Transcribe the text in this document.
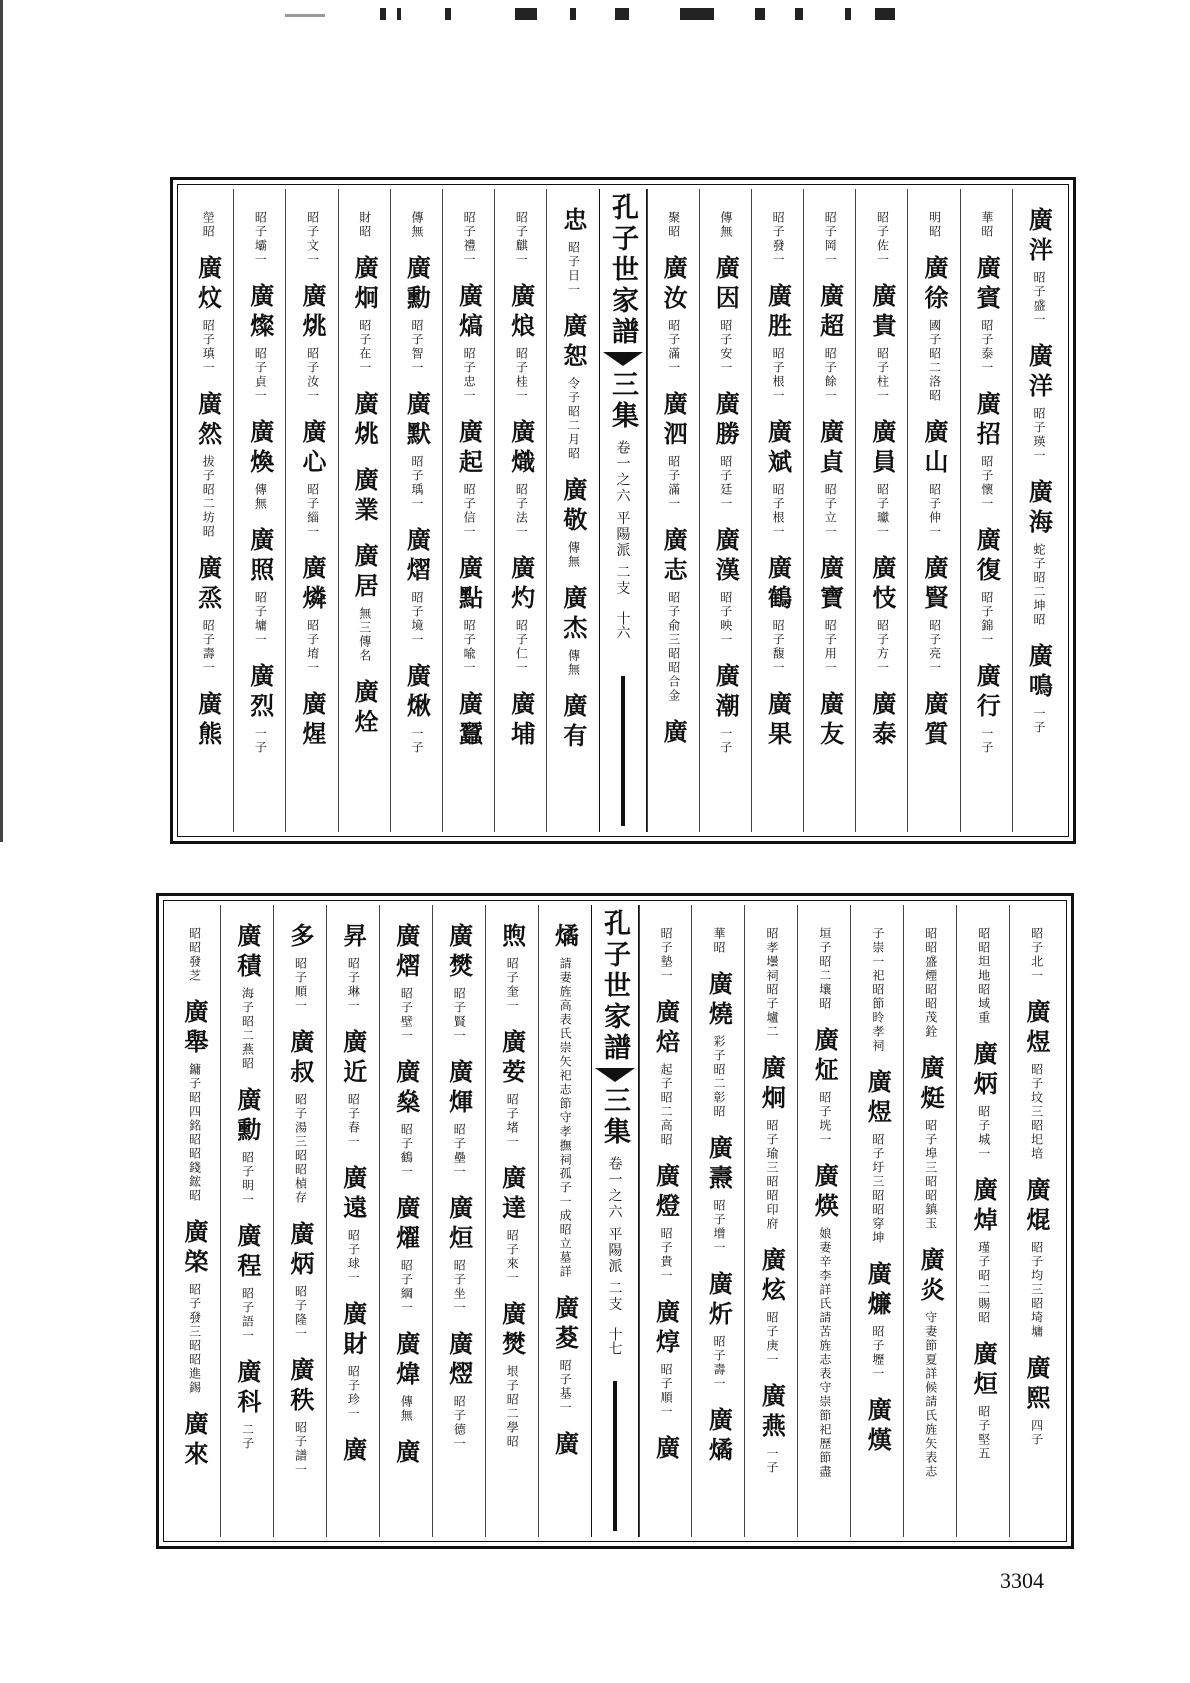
廣泮
昭子盛一
廣洋
昭子瑛一
廣海
蛇子昭二坤昭
廣鳴
一子
華昭
廣賓
昭子泰一
廣招
昭子懷一
廣復
昭子錦一
廣行
一子
明昭
廣徐
國子昭二洛昭
廣山
昭子伸一
廣賢
昭子亮一
廣質
昭子佐一
廣貴
昭子柱一
廣員
昭子瓛一
廣忮
昭子方一
廣泰
昭子岡一
廣超
昭子餘一
廣貞
昭子立一
廣寶
昭子用一
廣友
昭子發一
廣胜
昭子根一
廣斌
昭子根一
廣鶴
昭子馥一
廣果
傳無
廣因
昭子安一
廣勝
昭子廷一
廣漢
昭子映一
廣潮
一子
聚昭
廣汝
昭子滿一
廣泗
昭子滿一
廣志
昭子俞三昭昭合金
廣
孔子世家譜
三集
卷一之六 平陽派 二支
十六
忠
昭子日一
廣恕
令子昭二月昭
廣敬
傳無
廣杰
傳無
廣有
昭子麒一
廣烺
昭子桂一
廣熾
昭子法一
廣灼
昭子仁一
廣埔
昭子禮一
廣熇
昭子忠一
廣起
昭子信一
廣點
昭子喩一
廣蠶
傳無
廣勳
昭子智一
廣默
昭子瑀一
廣熠
昭子境一
廣煍
一子
財昭
廣炯
昭子在一
廣烑
廣業
廣居
無三傳名
廣烇
昭子文一
廣烑
昭子汝一
廣心
昭子緇一
廣燐
昭子堉一
廣煋
昭子壩一
廣燦
昭子貞一
廣煥
傳無
廣照
昭子墉一
廣烈
一子
塋昭
廣炆
昭子瑱一
廣然
拔子昭二坊昭
廣烝
昭子壽一
廣熊
昭子北一
廣煜
昭子坟三昭圯培
廣焜
昭子均三昭埼墉
廣熙
四子
昭昭坦地昭域重
廣炳
昭子城一
廣焯
瑾子昭二賜昭
廣烜
昭子堅五
昭昭盛煙昭昭茂銓
廣烶
昭子埠三昭昭鎮玉
廣炎
守妻節夏詳候請氏旌矢表志
子崇一祀昭節昤孝祠
廣煜
昭子圩三昭昭穿坤
廣燫
昭子壢一
廣熯
垣子昭二壤昭
廣炡
昭子垙一
廣煐
娘妻辛李詳氏請苦旌志表守崇節祀歷節盡
昭孝壜祠昭子壚二
廣炯
昭子瑜三昭昭印府
廣炫
昭子庚一
廣燕
一子
華昭
廣燒
彩子昭二彰昭
廣燾
昭子增一
廣炘
昭子壽一
廣燏
昭子墊一
廣焙
起子昭二高昭
廣燈
昭子貴一
廣焞
昭子順一
廣
孔子世家譜
三集
卷一之六 平陽派 二支
十七
燏
請妻旌高表氏崇矢祀志節守孝撫祠孤子一成昭立墓詳
廣荾
昭子基一
廣
煦
昭子奎一
廣荌
昭子堵一
廣達
昭子來一
廣燓
垠子昭二學昭
廣燓
昭子賢一
廣煇
昭子壘一
廣烜
昭子坐一
廣熤
昭子德一
廣熠
昭子壁一
廣燊
昭子鶴一
廣燿
昭子綱一
廣煒
傳無
廣
昇
昭子琳一
廣近
昭子春一
廣遠
昭子球一
廣財
昭子珍一
廣
多
昭子順一
廣叔
昭子湯三昭昭楨存
廣炳
昭子隆一
廣秩
昭子譜一
廣積
海子昭二燕昭
廣勳
昭子明一
廣程
昭子語一
廣科
二子
昭昭發芝
廣舉
鏞子昭四銘昭昭錢鋐昭
廣棨
昭子發三昭昭進錫
廣來
3304
